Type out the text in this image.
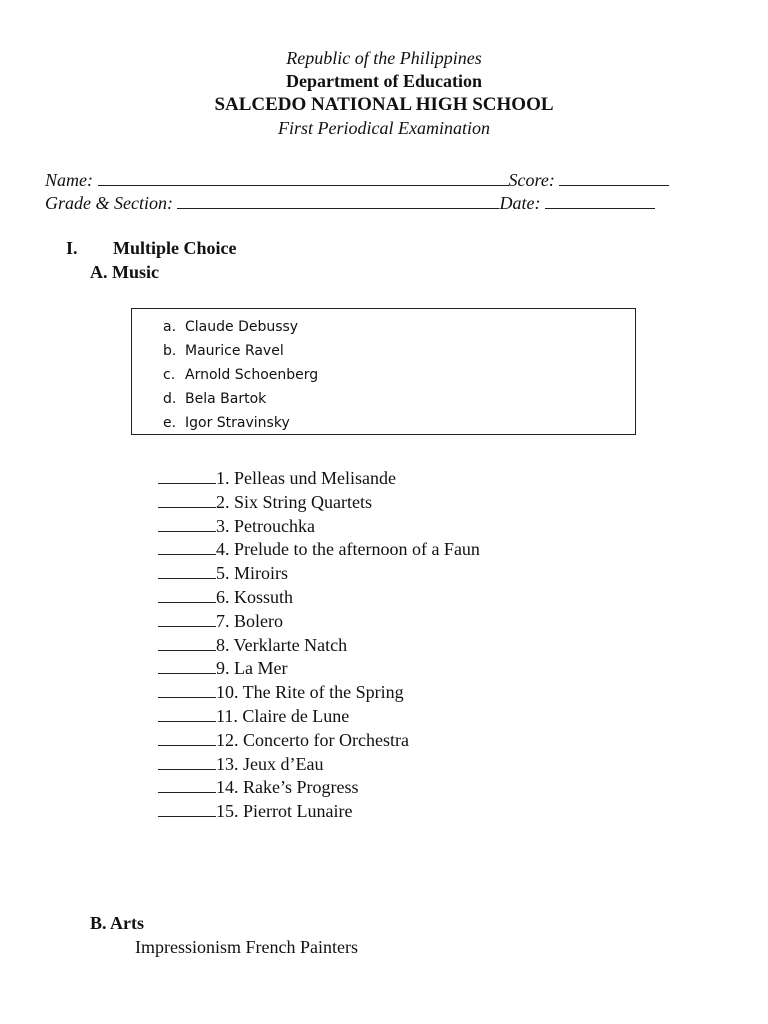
Republic of the Philippines
Department of Education
SALCEDO NATIONAL HIGH SCHOOL
First Periodical Examination
Name:	Score:
Grade & Section:	Date:
I. Multiple Choice
A. Music
a. Claude Debussy
b. Maurice Ravel
c. Arnold Schoenberg
d. Bela Bartok
e. Igor Stravinsky
1. Pelleas und Melisande
2. Six String Quartets
3. Petrouchka
4. Prelude to the afternoon of a Faun
5. Miroirs
6. Kossuth
7. Bolero
8. Verklarte Natch
9. La Mer
10. The Rite of the Spring
11. Claire de Lune
12. Concerto for Orchestra
13. Jeux d’Eau
14. Rake’s Progress
15. Pierrot Lunaire
B. Arts
Impressionism French Painters
